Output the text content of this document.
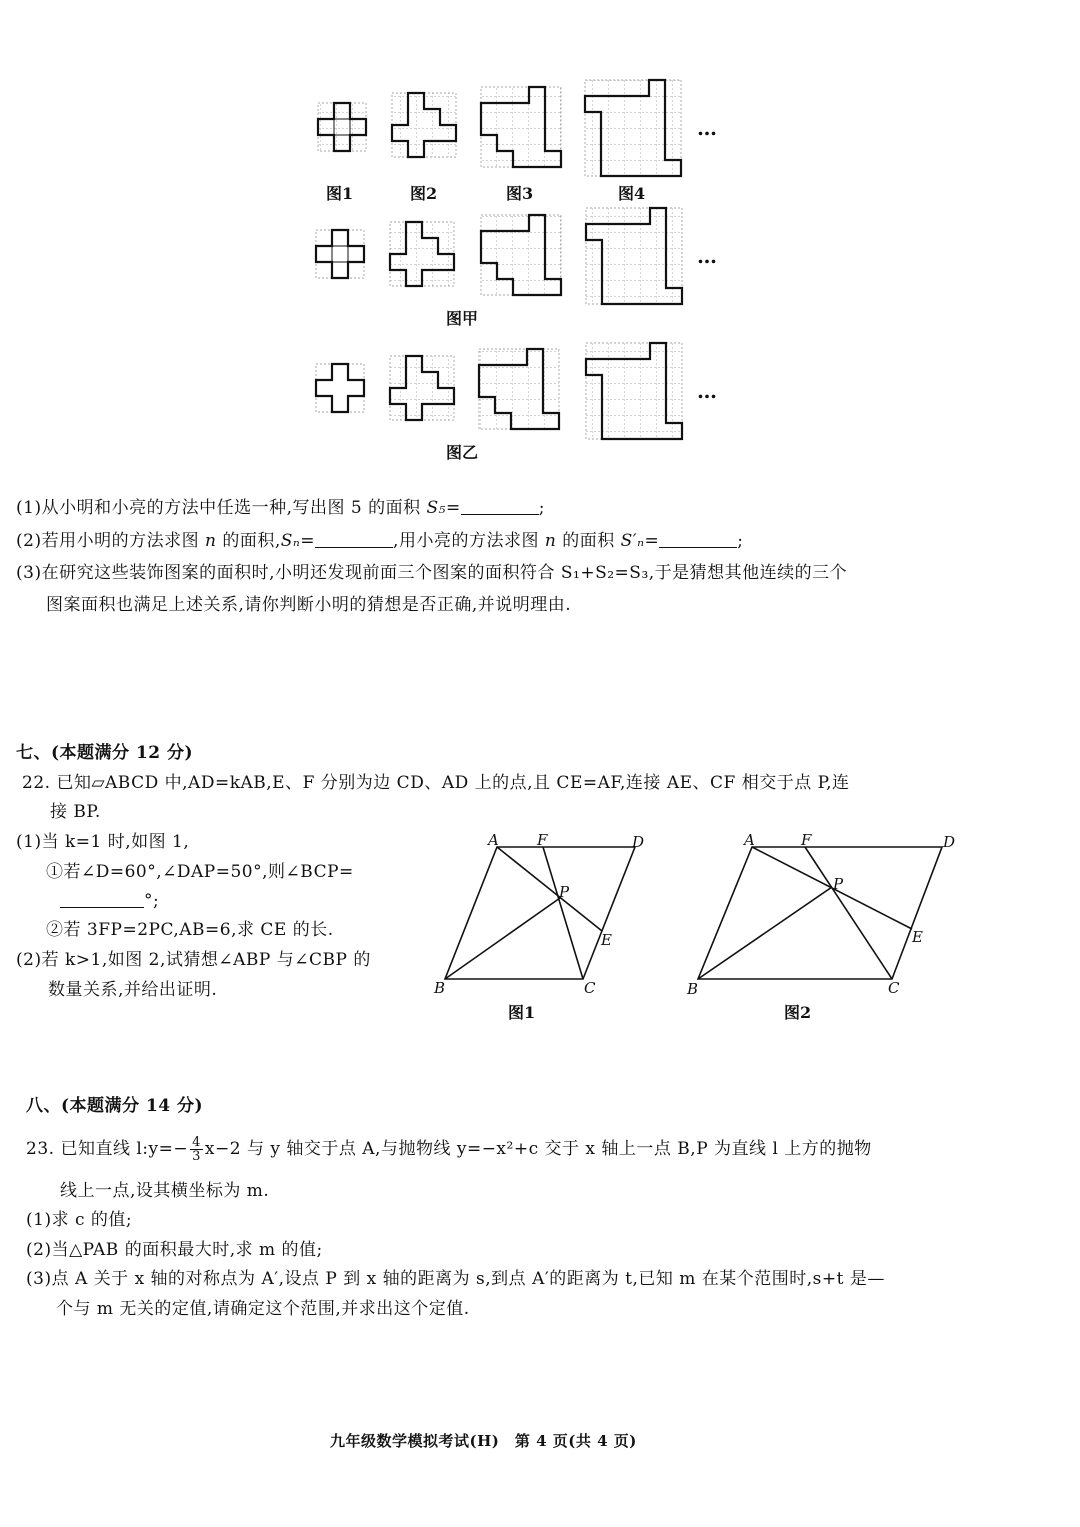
图1	图2	图3	图4
…
…
图甲
…
图乙
(1)从小明和小亮的方法中任选一种,写出图 5 的面积 S₅=	;
(2)若用小明的方法求图 n 的面积,Sₙ=	,用小亮的方法求图 n 的面积 S′ₙ=	;
(3)在研究这些装饰图案的面积时,小明还发现前面三个图案的面积符合 S₁+S₂=S₃,于是猜想其他连续的三个
图案面积也满足上述关系,请你判断小明的猜想是否正确,并说明理由.
七、(本题满分 12 分)
22. 已知▱ABCD 中,AD=kAB,E、F 分别为边 CD、AD 上的点,且 CE=AF,连接 AE、CF 相交于点 P,连
接 BP.
(1)当 k=1 时,如图 1,
①若∠D=60°,∠DAP=50°,则∠BCP=
°;
②若 3FP=2PC,AB=6,求 CE 的长.
(2)若 k>1,如图 2,试猜想∠ABP 与∠CBP 的
数量关系,并给出证明.
A	F	D
P
E
B	C
图1
A	F	D
P
E
B	C
图2
八、(本题满分 14 分)
23. 已知直线 l:y=− $\frac{4}{3} x-2$ 与 y 轴交于点 A,与抛物线 y=−x²+c 交于 x 轴上一点 B,P 为直线 l 上方的抛物
线上一点,设其横坐标为 m.
(1)求 c 的值;
(2)当△PAB 的面积最大时,求 m 的值;
(3)点 A 关于 x 轴的对称点为 A′,设点 P 到 x 轴的距离为 s,到点 A′的距离为 t,已知 m 在某个范围时,s+t 是—
个与 m 无关的定值,请确定这个范围,并求出这个定值.
九年级数学模拟考试(H)　第 4 页(共 4 页)
